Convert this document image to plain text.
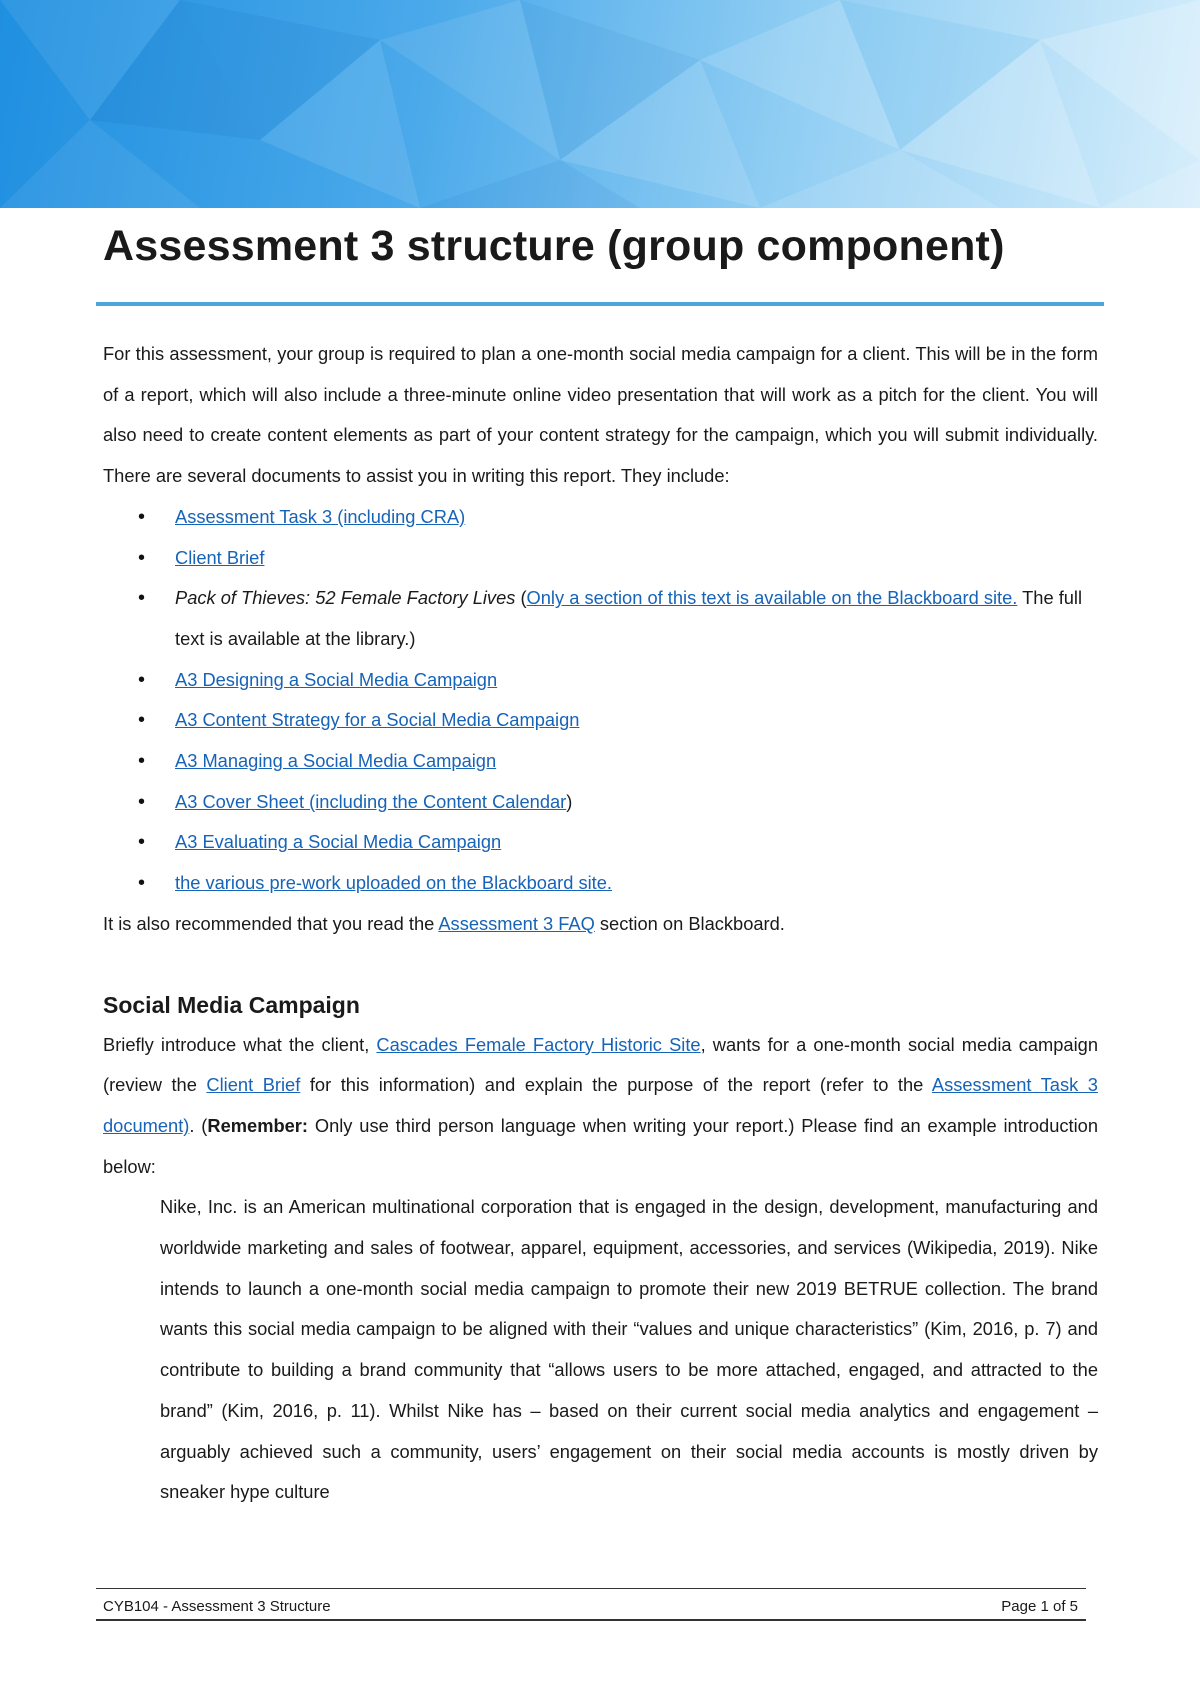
Assessment 3 structure (group component)

For this assessment, your group is required to plan a one-month social media campaign for a client. This will be in the form of a report, which will also include a three-minute online video presentation that will work as a pitch for the client. You will also need to create content elements as part of your content strategy for the campaign, which you will submit individually. There are several documents to assist you in writing this report. They include:

• Assessment Task 3 (including CRA)
• Client Brief
• Pack of Thieves: 52 Female Factory Lives (Only a section of this text is available on the Blackboard site. The full text is available at the library.)
• A3 Designing a Social Media Campaign
• A3 Content Strategy for a Social Media Campaign
• A3 Managing a Social Media Campaign
• A3 Cover Sheet (including the Content Calendar)
• A3 Evaluating a Social Media Campaign
• the various pre-work uploaded on the Blackboard site.

It is also recommended that you read the Assessment 3 FAQ section on Blackboard.

Social Media Campaign

Briefly introduce what the client, Cascades Female Factory Historic Site, wants for a one-month social media campaign (review the Client Brief for this information) and explain the purpose of the report (refer to the Assessment Task 3 document). (Remember: Only use third person language when writing your report.) Please find an example introduction below:

Nike, Inc. is an American multinational corporation that is engaged in the design, development, manufacturing and worldwide marketing and sales of footwear, apparel, equipment, accessories, and services (Wikipedia, 2019). Nike intends to launch a one-month social media campaign to promote their new 2019 BETRUE collection. The brand wants this social media campaign to be aligned with their “values and unique characteristics” (Kim, 2016, p. 7) and contribute to building a brand community that “allows users to be more attached, engaged, and attracted to the brand” (Kim, 2016, p. 11). Whilst Nike has – based on their current social media analytics and engagement – arguably achieved such a community, users’ engagement on their social media accounts is mostly driven by sneaker hype culture

CYB104 - Assessment 3 Structure	Page 1 of 5
